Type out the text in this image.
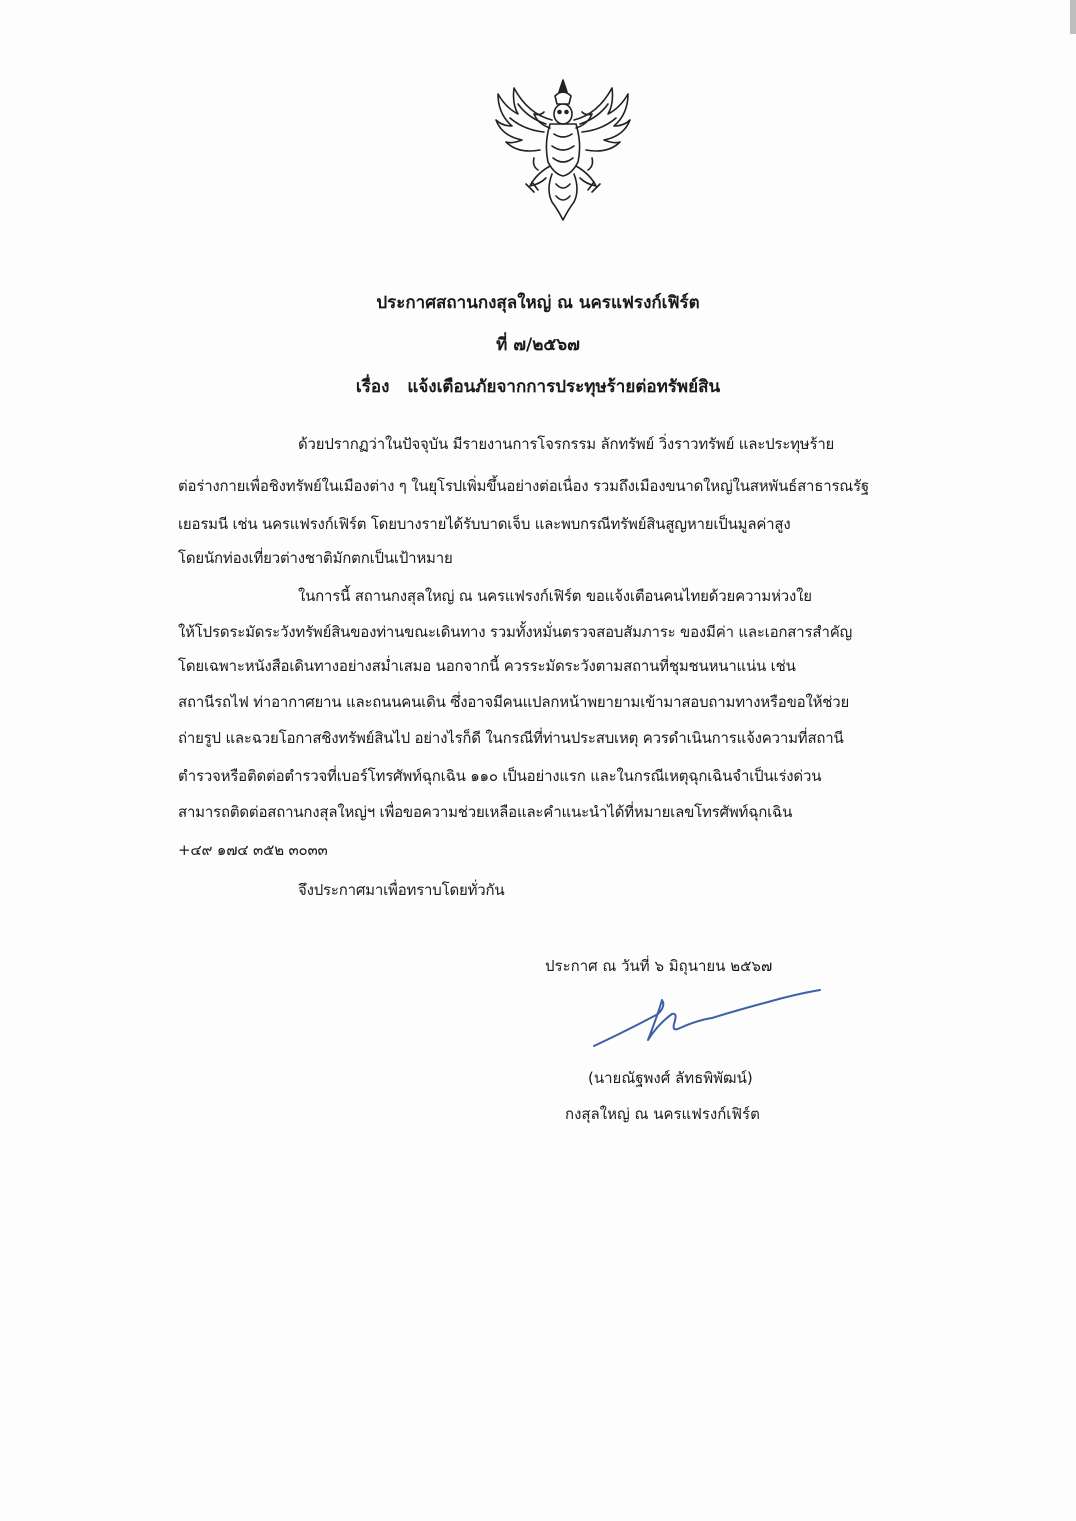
ประกาศสถานกงสุลใหญ่ ณ นครแฟรงก์เฟิร์ต
ที่ ๗/๒๕๖๗
เรื่อง แจ้งเตือนภัยจากการประทุษร้ายต่อทรัพย์สิน
ด้วยปรากฏว่าในปัจจุบัน มีรายงานการโจรกรรม ลักทรัพย์ วิ่งราวทรัพย์ และประทุษร้าย
ต่อร่างกายเพื่อชิงทรัพย์ในเมืองต่าง ๆ ในยุโรปเพิ่มขึ้นอย่างต่อเนื่อง รวมถึงเมืองขนาดใหญ่ในสหพันธ์สาธารณรัฐ
เยอรมนี เช่น นครแฟรงก์เฟิร์ต โดยบางรายได้รับบาดเจ็บ และพบกรณีทรัพย์สินสูญหายเป็นมูลค่าสูง
โดยนักท่องเที่ยวต่างชาติมักตกเป็นเป้าหมาย
ในการนี้ สถานกงสุลใหญ่ ณ นครแฟรงก์เฟิร์ต ขอแจ้งเตือนคนไทยด้วยความห่วงใย
ให้โปรดระมัดระวังทรัพย์สินของท่านขณะเดินทาง รวมทั้งหมั่นตรวจสอบสัมภาระ ของมีค่า และเอกสารสำคัญ
โดยเฉพาะหนังสือเดินทางอย่างสม่ำเสมอ นอกจากนี้ ควรระมัดระวังตามสถานที่ชุมชนหนาแน่น เช่น
สถานีรถไฟ ท่าอากาศยาน และถนนคนเดิน ซึ่งอาจมีคนแปลกหน้าพยายามเข้ามาสอบถามทางหรือขอให้ช่วย
ถ่ายรูป และฉวยโอกาสชิงทรัพย์สินไป อย่างไรก็ดี ในกรณีที่ท่านประสบเหตุ ควรดำเนินการแจ้งความที่สถานี
ตำรวจหรือติดต่อตำรวจที่เบอร์โทรศัพท์ฉุกเฉิน ๑๑๐ เป็นอย่างแรก และในกรณีเหตุฉุกเฉินจำเป็นเร่งด่วน
สามารถติดต่อสถานกงสุลใหญ่ฯ เพื่อขอความช่วยเหลือและคำแนะนำได้ที่หมายเลขโทรศัพท์ฉุกเฉิน
+๔๙ ๑๗๔ ๓๕๒ ๓๐๓๓
จึงประกาศมาเพื่อทราบโดยทั่วกัน
ประกาศ ณ วันที่ ๖ มิถุนายน ๒๕๖๗
(นายณัฐพงศ์ ลัทธพิพัฒน์)
กงสุลใหญ่ ณ นครแฟรงก์เฟิร์ต
